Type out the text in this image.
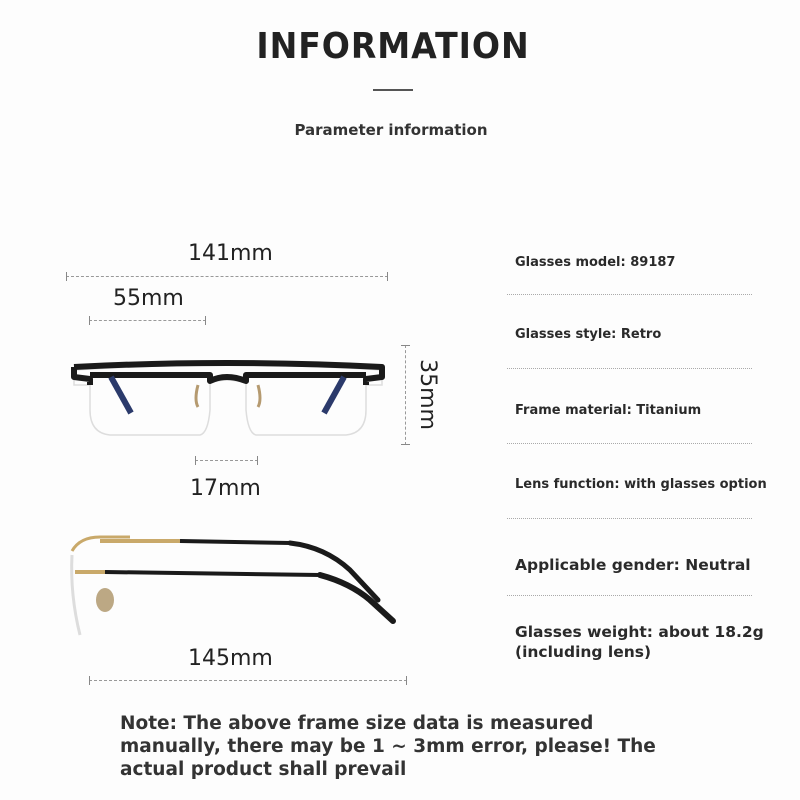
INFORMATION
Parameter information
141mm
55mm
35mm
17mm
145mm
Glasses model: 89187
Glasses style: Retro
Frame material: Titanium
Lens function: with glasses option
Applicable gender: Neutral
Glasses weight: about 18.2g
(including lens)
Note: The above frame size data is measured manually, there may be 1 ~ 3mm error, please! The actual product shall prevail
